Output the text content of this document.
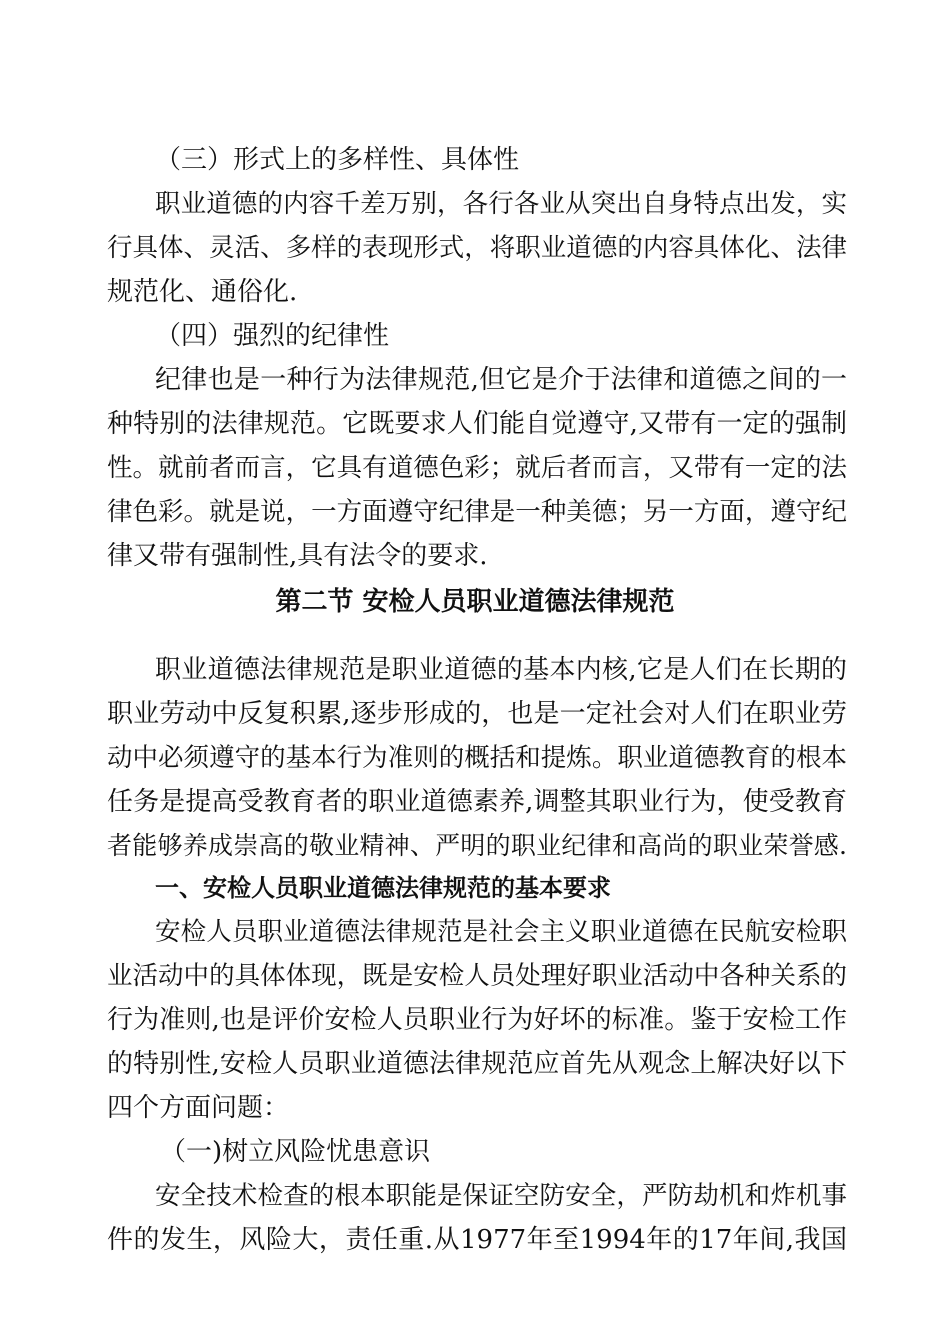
（三）形式上的多样性、具体性
职业道德的内容千差万别，各行各业从突出自身特点出发，实
行具体、灵活、多样的表现形式，将职业道德的内容具体化、法律
规范化、通俗化.
（四）强烈的纪律性
纪律也是一种行为法律规范,但它是介于法律和道德之间的一
种特别的法律规范。它既要求人们能自觉遵守,又带有一定的强制
性。就前者而言，它具有道德色彩；就后者而言，又带有一定的法
律色彩。就是说，一方面遵守纪律是一种美德；另一方面，遵守纪
律又带有强制性,具有法令的要求.
第二节 安检人员职业道德法律规范
职业道德法律规范是职业道德的基本内核,它是人们在长期的
职业劳动中反复积累,逐步形成的，也是一定社会对人们在职业劳
动中必须遵守的基本行为准则的概括和提炼。职业道德教育的根本
任务是提高受教育者的职业道德素养,调整其职业行为，使受教育
者能够养成崇高的敬业精神、严明的职业纪律和高尚的职业荣誉感.
一、安检人员职业道德法律规范的基本要求
安检人员职业道德法律规范是社会主义职业道德在民航安检职
业活动中的具体体现，既是安检人员处理好职业活动中各种关系的
行为准则,也是评价安检人员职业行为好坏的标准。鉴于安检工作
的特别性,安检人员职业道德法律规范应首先从观念上解决好以下
四个方面问题：
（一)树立风险忧患意识
安全技术检查的根本职能是保证空防安全，严防劫机和炸机事
件的发生，风险大，责任重.从1977年至1994年的17年间,我国
